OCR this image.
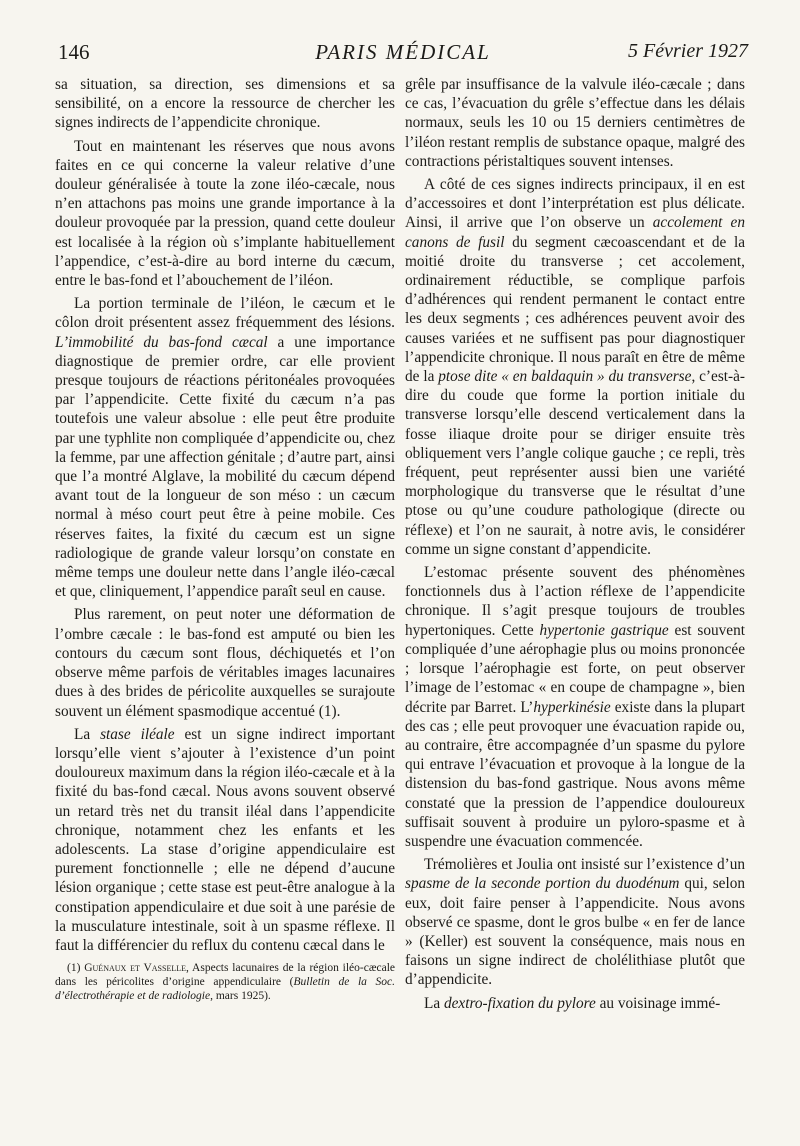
146	PARIS MÉDICAL	5 Février 1927

sa situation, sa direction, ses dimensions et sa sensibilité, on a encore la ressource de chercher les signes indirects de l’appendicite chronique.

Tout en maintenant les réserves que nous avons faites en ce qui concerne la valeur relative d’une douleur généralisée à toute la zone iléo-cæcale, nous n’en attachons pas moins une grande importance à la douleur provoquée par la pression, quand cette douleur est localisée à la région où s’implante habituellement l’appendice, c’est-à-dire au bord interne du cæcum, entre le bas-fond et l’abouchement de l’iléon.

La portion terminale de l’iléon, le cæcum et le côlon droit présentent assez fréquemment des lésions. L’immobilité du bas-fond cæcal a une importance diagnostique de premier ordre, car elle provient presque toujours de réactions péritonéales provoquées par l’appendicite. Cette fixité du cæcum n’a pas toutefois une valeur absolue : elle peut être produite par une typhlite non compliquée d’appendicite ou, chez la femme, par une affection génitale ; d’autre part, ainsi que l’a montré Alglave, la mobilité du cæcum dépend avant tout de la longueur de son méso : un cæcum normal à méso court peut être à peine mobile. Ces réserves faites, la fixité du cæcum est un signe radiologique de grande valeur lorsqu’on constate en même temps une douleur nette dans l’angle iléo-cæcal et que, cliniquement, l’appendice paraît seul en cause.

Plus rarement, on peut noter une déformation de l’ombre cæcale : le bas-fond est amputé ou bien les contours du cæcum sont flous, déchiquetés et l’on observe même parfois de véritables images lacunaires dues à des brides de péricolite auxquelles se surajoute souvent un élément spasmodique accentué (1).

La stase iléale est un signe indirect important lorsqu’elle vient s’ajouter à l’existence d’un point douloureux maximum dans la région iléo-cæcale et à la fixité du bas-fond cæcal. Nous avons souvent observé un retard très net du transit iléal dans l’appendicite chronique, notamment chez les enfants et les adolescents. La stase d’origine appendiculaire est purement fonctionnelle ; elle ne dépend d’aucune lésion organique ; cette stase est peut-être analogue à la constipation appendiculaire et due soit à une parésie de la musculature intestinale, soit à un spasme réflexe. Il faut la différencier du reflux du contenu cæcal dans le

(1) Guénaux et Vasselle, Aspects lacunaires de la région iléo-cæcale dans les péricolites d’origine appendiculaire (Bulletin de la Soc. d’électrothérapie et de radiologie, mars 1925).

grêle par insuffisance de la valvule iléo-cæcale ; dans ce cas, l’évacuation du grêle s’effectue dans les délais normaux, seuls les 10 ou 15 derniers centimètres de l’iléon restant remplis de substance opaque, malgré des contractions péristaltiques souvent intenses.

A côté de ces signes indirects principaux, il en est d’accessoires et dont l’interprétation est plus délicate. Ainsi, il arrive que l’on observe un accolement en canons de fusil du segment cæcoascendant et de la moitié droite du transverse ; cet accolement, ordinairement réductible, se complique parfois d’adhérences qui rendent permanent le contact entre les deux segments ; ces adhérences peuvent avoir des causes variées et ne suffisent pas pour diagnostiquer l’appendicite chronique. Il nous paraît en être de même de la ptose dite « en baldaquin » du transverse, c’est-à-dire du coude que forme la portion initiale du transverse lorsqu’elle descend verticalement dans la fosse iliaque droite pour se diriger ensuite très obliquement vers l’angle colique gauche ; ce repli, très fréquent, peut représenter aussi bien une variété morphologique du transverse que le résultat d’une ptose ou qu’une coudure pathologique (directe ou réflexe) et l’on ne saurait, à notre avis, le considérer comme un signe constant d’appendicite.

L’estomac présente souvent des phénomènes fonctionnels dus à l’action réflexe de l’appendicite chronique. Il s’agit presque toujours de troubles hypertoniques. Cette hypertonie gastrique est souvent compliquée d’une aérophagie plus ou moins prononcée ; lorsque l’aérophagie est forte, on peut observer l’image de l’estomac « en coupe de champagne », bien décrite par Barret. L’hyperkinésie existe dans la plupart des cas ; elle peut provoquer une évacuation rapide ou, au contraire, être accompagnée d’un spasme du pylore qui entrave l’évacuation et provoque à la longue de la distension du bas-fond gastrique. Nous avons même constaté que la pression de l’appendice douloureux suffisait souvent à produire un pyloro-spasme et à suspendre une évacuation commencée.

Trémolières et Joulia ont insisté sur l’existence d’un spasme de la seconde portion du duodénum qui, selon eux, doit faire penser à l’appendicite. Nous avons observé ce spasme, dont le gros bulbe « en fer de lance » (Keller) est souvent la conséquence, mais nous en faisons un signe indirect de cholélithiase plutôt que d’appendicite.

La dextro-fixation du pylore au voisinage immé-
